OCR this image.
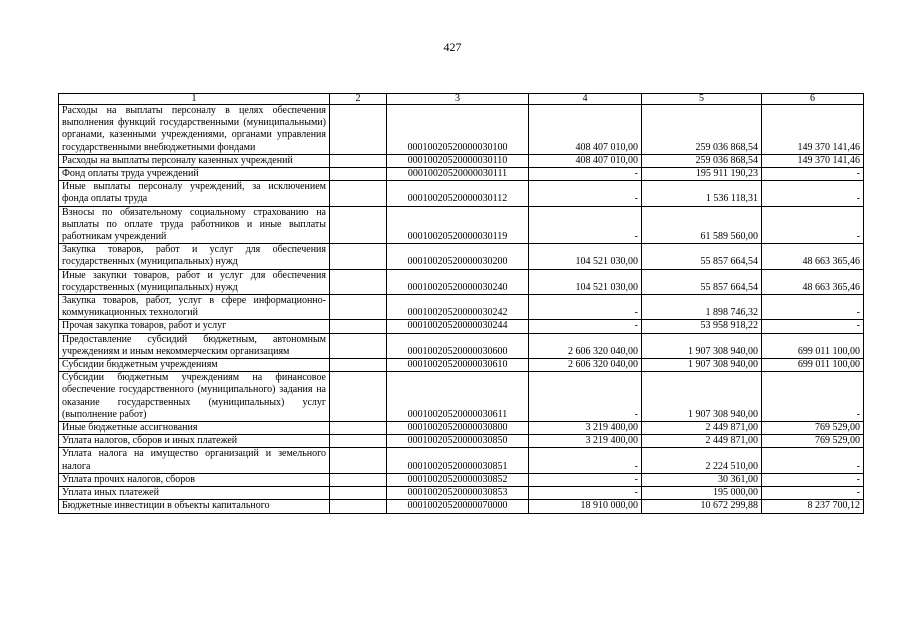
427
1	2	3	4	5	6
Расходы на выплаты персоналу в целях обеспечения выполнения функций государственными (муниципальными) органами, казенными учреждениями, органами управления государственными внебюджетными фондами		00010020520000030100	408 407 010,00	259 036 868,54	149 370 141,46
Расходы на выплаты персоналу казенных учреждений		00010020520000030110	408 407 010,00	259 036 868,54	149 370 141,46
Фонд оплаты труда учреждений		00010020520000030111	-	195 911 190,23	-
Иные выплаты персоналу учреждений, за исключением фонда оплаты труда		00010020520000030112	-	1 536 118,31	-
Взносы по обязательному социальному страхованию на выплаты по оплате труда работников и иные выплаты работникам учреждений		00010020520000030119	-	61 589 560,00	-
Закупка товаров, работ и услуг для обеспечения государственных (муниципальных) нужд		00010020520000030200	104 521 030,00	55 857 664,54	48 663 365,46
Иные закупки товаров, работ и услуг для обеспечения государственных (муниципальных) нужд		00010020520000030240	104 521 030,00	55 857 664,54	48 663 365,46
Закупка товаров, работ, услуг в сфере информационно-коммуникационных технологий		00010020520000030242	-	1 898 746,32	-
Прочая закупка товаров, работ и услуг		00010020520000030244	-	53 958 918,22	-
Предоставление субсидий бюджетным, автономным учреждениям и иным некоммерческим организациям		00010020520000030600	2 606 320 040,00	1 907 308 940,00	699 011 100,00
Субсидии бюджетным учреждениям		00010020520000030610	2 606 320 040,00	1 907 308 940,00	699 011 100,00
Субсидии бюджетным учреждениям на финансовое обеспечение государственного (муниципального) задания на оказание государственных (муниципальных) услуг (выполнение работ)		00010020520000030611	-	1 907 308 940,00	-
Иные бюджетные ассигнования		00010020520000030800	3 219 400,00	2 449 871,00	769 529,00
Уплата налогов, сборов и иных платежей		00010020520000030850	3 219 400,00	2 449 871,00	769 529,00
Уплата налога на имущество организаций и земельного налога		00010020520000030851	-	2 224 510,00	-
Уплата прочих налогов, сборов		00010020520000030852	-	30 361,00	-
Уплата иных платежей		00010020520000030853	-	195 000,00	-
Бюджетные инвестиции в объекты капитального		00010020520000070000	18 910 000,00	10 672 299,88	8 237 700,12
